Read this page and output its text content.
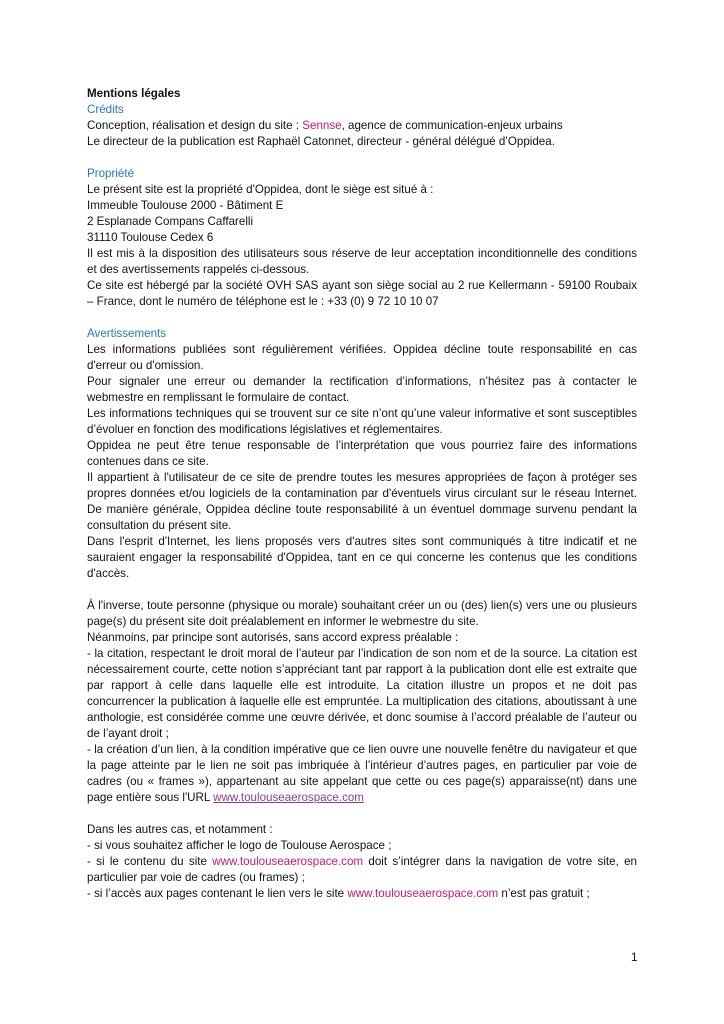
Mentions légales
Crédits
Conception, réalisation et design du site : Sennse, agence de communication-enjeux urbains
Le directeur de la publication est Raphaël Catonnet, directeur - général délégué d’Oppidea.
Propriété
Le présent site est la propriété d'Oppidea, dont le siège est situé à :
Immeuble Toulouse 2000 - Bâtiment E
2 Esplanade Compans Caffarelli
31110 Toulouse Cedex 6
Il est mis à la disposition des utilisateurs sous réserve de leur acceptation inconditionnelle des conditions et des avertissements rappelés ci-dessous.
Ce site est hébergé par la société OVH SAS ayant son siège social au 2 rue Kellermann - 59100 Roubaix – France, dont le numéro de téléphone est le : +33 (0) 9 72 10 10 07
Avertissements
Les informations publiées sont régulièrement vérifiées. Oppidea décline toute responsabilité en cas d'erreur ou d'omission.
Pour signaler une erreur ou demander la rectification d’informations, n’hésitez pas à contacter le webmestre en remplissant le formulaire de contact.
Les informations techniques qui se trouvent sur ce site n’ont qu’une valeur informative et sont susceptibles d’évoluer en fonction des modifications législatives et réglementaires.
Oppidea ne peut être tenue responsable de l’interprétation que vous pourriez faire des informations contenues dans ce site.
Il appartient à l'utilisateur de ce site de prendre toutes les mesures appropriées de façon à protéger ses propres données et/ou logiciels de la contamination par d'éventuels virus circulant sur le réseau Internet. De manière générale, Oppidea décline toute responsabilité à un éventuel dommage survenu pendant la consultation du présent site.
Dans l'esprit d'Internet, les liens proposés vers d'autres sites sont communiqués à titre indicatif et ne sauraient engager la responsabilité d'Oppidea, tant en ce qui concerne les contenus que les conditions d'accès.
À l'inverse, toute personne (physique ou morale) souhaitant créer un ou (des) lien(s) vers une ou plusieurs page(s) du présent site doit préalablement en informer le webmestre du site.
Néanmoins, par principe sont autorisés, sans accord express préalable :
- la citation, respectant le droit moral de l’auteur par l’indication de son nom et de la source. La citation est nécessairement courte, cette notion s’appréciant tant par rapport à la publication dont elle est extraite que par rapport à celle dans laquelle elle est introduite. La citation illustre un propos et ne doit pas concurrencer la publication à laquelle elle est empruntée. La multiplication des citations, aboutissant à une anthologie, est considérée comme une œuvre dérivée, et donc soumise à l’accord préalable de l’auteur ou de l’ayant droit ;
- la création d’un lien, à la condition impérative que ce lien ouvre une nouvelle fenêtre du navigateur et que la page atteinte par le lien ne soit pas imbriquée à l’intérieur d’autres pages, en particulier par voie de cadres (ou « frames »), appartenant au site appelant que cette ou ces page(s) apparaisse(nt) dans une page entière sous l'URL www.toulouseaerospace.com
Dans les autres cas, et notamment :
- si vous souhaitez afficher le logo de Toulouse Aerospace ;
- si le contenu du site www.toulouseaerospace.com doit s’intégrer dans la navigation de votre site, en particulier par voie de cadres (ou frames) ;
- si l’accès aux pages contenant le lien vers le site www.toulouseaerospace.com n’est pas gratuit ;
1
